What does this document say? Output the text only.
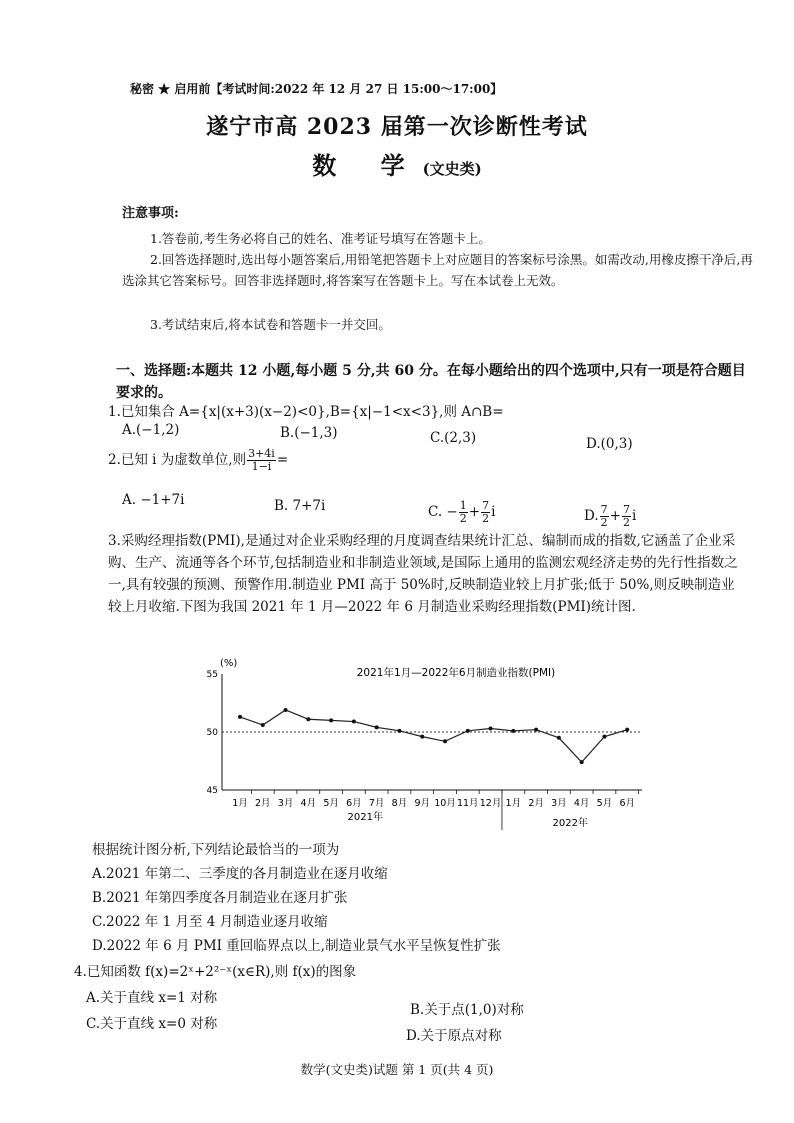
秘密 ★ 启用前【考试时间:2022 年 12 月 27 日 15:00～17:00】
遂宁市高 2023 届第一次诊断性考试
数 学(文史类)
注意事项:
1.答卷前,考生务必将自己的姓名、准考证号填写在答题卡上。
2.回答选择题时,选出每小题答案后,用铅笔把答题卡上对应题目的答案标号涂黑。如需改动,用橡皮擦干净后,再选涂其它答案标号。回答非选择题时,将答案写在答题卡上。写在本试卷上无效。
3.考试结束后,将本试卷和答题卡一并交回。
一、选择题:本题共 12 小题,每小题 5 分,共 60 分。在每小题给出的四个选项中,只有一项是符合题目要求的。
1.已知集合 A={x|(x+3)(x−2)<0},B={x|−1<x<3},则 A∩B=
A.(−1,2)	B.(−1,3)	C.(2,3)	D.(0,3)
2.已知 i 为虚数单位,则 $\frac{3+4i}{1-i}$ =
A. −1+7i	B. 7+7i	C. − $\frac{1}{2} + \frac{7}{2}$ i	D. $\frac{7}{2} + \frac{7}{2}$ i
3.采购经理指数(PMI),是通过对企业采购经理的月度调查结果统计汇总、编制而成的指数,它涵盖了企业采购、生产、流通等各个环节,包括制造业和非制造业领域,是国际上通用的监测宏观经济走势的先行性指数之一,具有较强的预测、预警作用.制造业 PMI 高于 50%时,反映制造业较上月扩张;低于 50%,则反映制造业较上月收缩.下图为我国 2021 年 1 月—2022 年 6 月制造业采购经理指数(PMI)统计图.
2021年1月—2022年6月制造业指数(PMI)
(%)
55
50
45
1月 2月 3月 4月 5月 6月 7月 8月 9月 10月 11月 12月 1月 2月 3月 4月 5月 6月
2021年
2022年
根据统计图分析,下列结论最恰当的一项为
A.2021 年第二、三季度的各月制造业在逐月收缩
B.2021 年第四季度各月制造业在逐月扩张
C.2022 年 1 月至 4 月制造业逐月收缩
D.2022 年 6 月 PMI 重回临界点以上,制造业景气水平呈恢复性扩张
4.已知函数 f(x)=2ˣ+2²⁻ˣ(x∈R),则 f(x)的图象
A.关于直线 x=1 对称
B.关于点(1,0)对称
C.关于直线 x=0 对称
D.关于原点对称
数学(文史类)试题 第 1 页(共 4 页)
